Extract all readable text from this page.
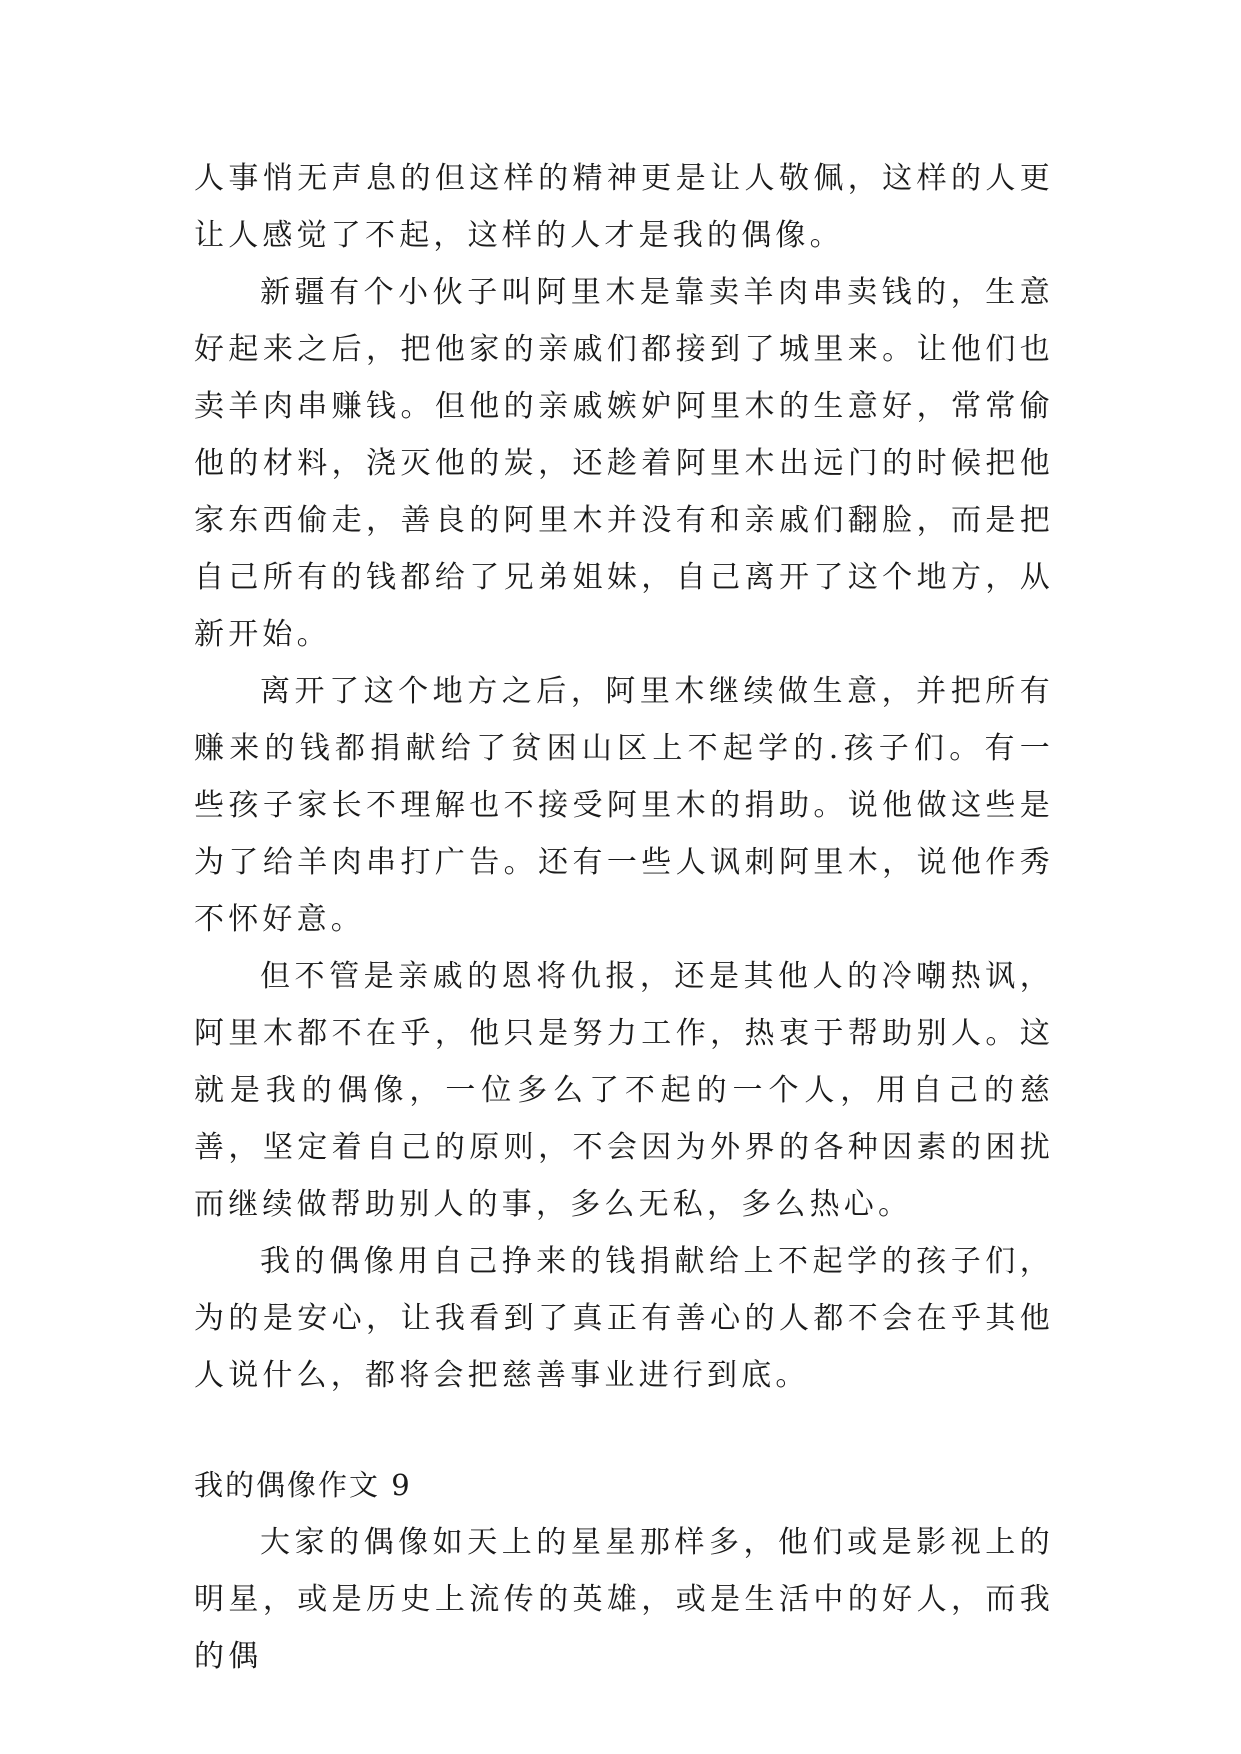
人事悄无声息的但这样的精神更是让人敬佩，这样的人更让人感觉了不起，这样的人才是我的偶像。

新疆有个小伙子叫阿里木是靠卖羊肉串卖钱的，生意好起来之后，把他家的亲戚们都接到了城里来。让他们也卖羊肉串赚钱。但他的亲戚嫉妒阿里木的生意好，常常偷他的材料，浇灭他的炭，还趁着阿里木出远门的时候把他家东西偷走，善良的阿里木并没有和亲戚们翻脸，而是把自己所有的钱都给了兄弟姐妹，自己离开了这个地方，从新开始。

离开了这个地方之后，阿里木继续做生意，并把所有赚来的钱都捐献给了贫困山区上不起学的.孩子们。有一些孩子家长不理解也不接受阿里木的捐助。说他做这些是为了给羊肉串打广告。还有一些人讽刺阿里木，说他作秀不怀好意。

但不管是亲戚的恩将仇报，还是其他人的冷嘲热讽，阿里木都不在乎，他只是努力工作，热衷于帮助别人。这就是我的偶像，一位多么了不起的一个人，用自己的慈善，坚定着自己的原则，不会因为外界的各种因素的困扰而继续做帮助别人的事，多么无私，多么热心。

我的偶像用自己挣来的钱捐献给上不起学的孩子们，为的是安心，让我看到了真正有善心的人都不会在乎其他人说什么，都将会把慈善事业进行到底。

我的偶像作文 9

大家的偶像如天上的星星那样多，他们或是影视上的明星，或是历史上流传的英雄，或是生活中的好人，而我的偶
